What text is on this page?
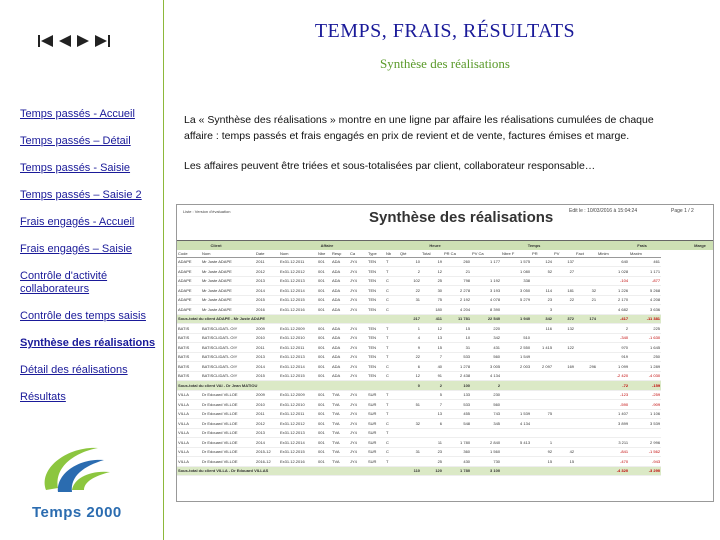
Temps passés - Accueil
Temps passés – Détail
Temps passés - Saisie
Temps passés – Saisie 2
Frais engagés - Accueil
Frais engagés – Saisie
Contrôle d'activité collaborateurs
Contrôle des temps saisis
Synthèse des réalisations
Détail des réalisations
Résultats
Temps 2000
TEMPS, FRAIS, RÉSULTATS
Synthèse des réalisations

La « Synthèse des réalisations » montre en une ligne par affaire les réalisations cumulées de chaque affaire : temps passés et frais engagés en prix de revient et de vente, factures émises et marge.

Les affaires peuvent être triées et sous-totalisées par client, collaborateur responsable…

Liste : Version d'évaluation	Synthèse des réalisations	Edit le : 10/03/2016 à 15:04:24	Page 1 / 2
Client		Affaire							Heure			Temps					Frais		Marge
Code	Nom	Date	Nom	Nbe	Resp	Ca	Type	Nb	Qté	Total	PR Ca	PV Ca	Nbre F	PR	PV	Fact	Minim	Maxim	
ADAPE	Mr Juste ADAPE	2011	Ex31.12.2011	001	ADA	JY4	TEN	T	10	19	260	1 177	1 575	124	137		640	461	
ADAPE	Mr Juste ADAPE	2012	Ex31.12.2012	001	ADA	JY4	TEN	T	2	12	21		1 080	52	27		1 028	1 171	
ADAPE	Mr Juste ADAPE	2013	Ex31.12.2013	001	ADA	JY4	TEN	C	102	25	798	1 192	338				-104	-877	
ADAPE	Mr Juste ADAPE	2014	Ex31.12.2014	001	ADA	JY4	TEN	C	22	30	2 278	3 193	3 050	114	181	32	1 226	5 268	
ADAPE	Mr Juste ADAPE	2015	Ex31.12.2015	001	ADA	JY4	TEN	C	31	75	2 192	4 078	5 279	23	22	21	2 170	4 208	
ADAPE	Mr Juste ADAPE	2016	Ex31.12.2016	001	ADA	JY4	TEN	C		180	4 204	8 390		3			4 682	3 636	
Sous-total du client ADAPE - Mr Juste ADAPE									217	411	11 781	22 540	1 940	342	372	174	-417	-11 381	
BATIS	BATISCLIDATL OIY	2009	Ex31.12.2009	001	ADA	JY4	TEN	T	1	12	15	220		116	132		2	225	
BATIS	BATISCLIDATL OIY	2010	Ex31.12.2010	001	ADA	JY4	TEN	T	4	13	10	342	510				-340	-1 630	
BATIS	BATISCLIDATL OIY	2011	Ex31.12.2011	001	ADA	JY4	TEN	T	9	15	31	431	2 550	1 415	122		970	1 645	
BATIS	BATISCLIDATL OIY	2013	Ex31.12.2013	001	ADA	JY4	TEN	T	22	7	533	560	1 549				919	250	
BATIS	BATISCLIDATL OIY	2014	Ex31.12.2014	001	ADA	JY4	TEN	C	6	40	1 278	3 005	2 003	2 097	169	296	1 099	1 289	
BATIS	BATISCLIDATL OIY	2015	Ex31.12.2015	001	ADA	JY4	TEN	C	12	91	2 438	4 134					-2 420	-4 030	
Sous-total du client VAI - Dr Jean MATIOU									0	2	100	2					-72	-159	
VILLA	Dr Edouard VILLOE	2009	Ex31.12.2009	001	TVA	JY4	SUR	T		5	133	230					-123	-259	
VILLA	Dr Edouard VILLOE	2010	Ex31.12.2010	001	TVA	JY4	SUR	T	51	7	533	560					-590	-909	
VILLA	Dr Edouard VILLOE	2011	Ex31.12.2011	001	TVA	JY4	SUR	T		13	455	743	1 539	75			1 407	1 106	
VILLA	Dr Edouard VILLOE	2012	Ex31.12.2012	001	TVA	JY4	SUR	C	32	6	548	345	4 134				3 899	3 539	
VILLA	Dr Edouard VILLOE	2013	Ex31.12.2013	001	TVA	JY4	SUR	T											
VILLA	Dr Edouard VILLOE	2014	Ex31.12.2014	001	TVA	JY4	SUR	C		11	1 780	2 840	5 413	1			3 211	2 996	
VILLA	Dr Edouard VILLOE	2015-12	Ex31.12.2015	001	TVA	JY4	SUR	C	31	23	360	1 560		92	42		-841	-1 562	
VILLA	Dr Edouard VILLOE	2016-12	Ex31.12.2016	001	TVA	JY4	SUR	T		25	430	730		15	15		-470	-943	
Sous-total du client VILLA - Dr Edouard VILLAS									110	120	1 780	3 100					-4 320	-3 290	
